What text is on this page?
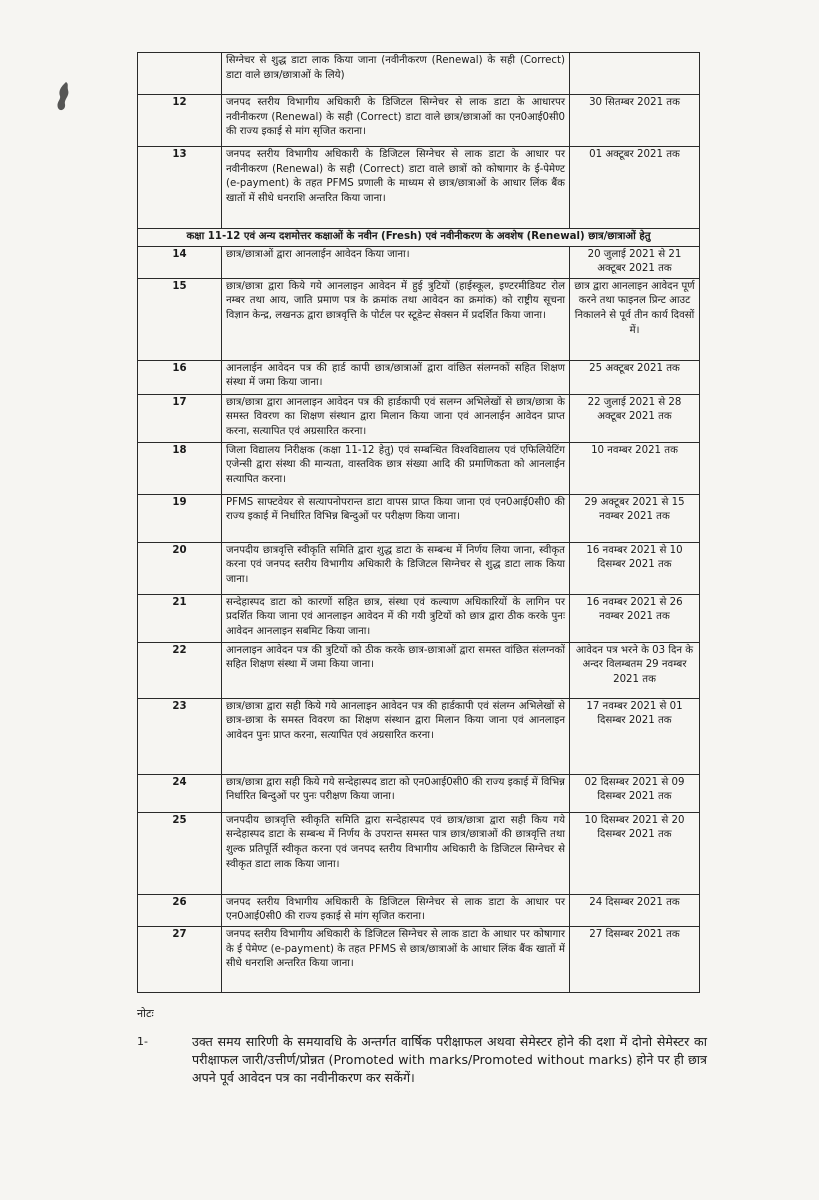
	सिग्नेचर से शुद्ध डाटा लाक किया जाना (नवीनीकरण (Renewal) के सही (Correct) डाटा वाले छात्र/छात्राओं के लिये)	
12	जनपद स्तरीय विभागीय अधिकारी के डिजिटल सिग्नेचर से लाक डाटा के आधारपर नवीनीकरण (Renewal) के सही (Correct) डाटा वाले छात्र/छात्राओं का एन0आई0सी0 की राज्य इकाई से मांग सृजित कराना।	30 सितम्बर 2021 तक
13	जनपद स्तरीय विभागीय अधिकारी के डिजिटल सिग्नेचर से लाक डाटा के आधार पर नवीनीकरण (Renewal) के सही (Correct) डाटा वाले छात्रों को कोषागार के ई-पेमेण्ट (e-payment) के तहत PFMS प्रणाली के माध्यम से छात्र/छात्राओं के आधार लिंक बैंक खातों में सीधे धनराशि अन्तरित किया जाना।	01 अक्टूबर 2021 तक
कक्षा 11-12 एवं अन्य दशमोत्तर कक्षाओं के नवीन (Fresh) एवं नवीनीकरण के अवशेष (Renewal) छात्र/छात्राओं हेतु		
14	छात्र/छात्राओं द्वारा आनलाईन आवेदन किया जाना।	20 जुलाई 2021 से 21 अक्टूबर 2021 तक
15	छात्र/छात्रा द्वारा किये गये आनलाइन आवेदन में हुई त्रुटियों (हाईस्कूल, इण्टरमीडियट रोल नम्बर तथा आय, जाति प्रमाण पत्र के क्रमांक तथा आवेदन का क्रमांक) को राष्ट्रीय सूचना विज्ञान केन्द्र, लखनऊ द्वारा छात्रवृत्ति के पोर्टल पर स्टूडेन्ट सेक्सन में प्रदर्शित किया जाना।	छात्र द्वारा आनलाइन आवेदन पूर्ण करने तथा फाइनल प्रिन्ट आउट निकालने से पूर्व तीन कार्य दिवसों में।
16	आनलाईन आवेदन पत्र की हार्ड कापी छात्र/छात्राओं द्वारा वांछित संलग्नकों सहित शिक्षण संस्था में जमा किया जाना।	25 अक्टूबर 2021 तक
17	छात्र/छात्रा द्वारा आनलाइन आवेदन पत्र की हार्डकापी एवं सलग्न अभिलेखों से छात्र/छात्रा के समस्त विवरण का शिक्षण संस्थान द्वारा मिलान किया जाना एवं आनलाईन आवेदन प्राप्त करना, सत्यापित एवं अग्रसारित करना।	22 जुलाई 2021 से 28 अक्टूबर 2021 तक
18	जिला विद्यालय निरीक्षक (कक्षा 11-12 हेतु) एवं सम्बन्धित विश्वविद्यालय एवं एफिलियेटिंग एजेन्सी द्वारा संस्था की मान्यता, वास्तविक छात्र संख्या आदि की प्रमाणिकता को आनलाईन सत्यापित करना।	10 नवम्बर 2021 तक
19	PFMS साफ्टवेयर से सत्यापनोपरान्त डाटा वापस प्राप्त किया जाना एवं एन0आई0सी0 की राज्य इकाई में निर्धारित विभिन्न बिन्दुओं पर परीक्षण किया जाना।	29 अक्टूबर 2021 से 15 नवम्बर 2021 तक
20	जनपदीय छात्रवृत्ति स्वीकृति समिति द्वारा शुद्ध डाटा के सम्बन्ध में निर्णय लिया जाना, स्वीकृत करना एवं जनपद स्तरीय विभागीय अधिकारी के डिजिटल सिग्नेचर से शुद्ध डाटा लाक किया जाना।	16 नवम्बर 2021 से 10 दिसम्बर 2021 तक
21	सन्देहास्पद डाटा को कारणों सहित छात्र, संस्था एवं कल्याण अधिकारियों के लागिन पर प्रदर्शित किया जाना एवं आनलाइन आवेदन में की गयी त्रुटियों को छात्र द्वारा ठीक करके पुनः आवेदन आनलाइन सबमिट किया जाना।	16 नवम्बर 2021 से 26 नवम्बर 2021 तक
22	आनलाइन आवेदन पत्र की त्रुटियों को ठीक करके छात्र-छात्राओं द्वारा समस्त वांछित संलग्नकों सहित शिक्षण संस्था में जमा किया जाना।	आवेदन पत्र भरने के 03 दिन के अन्दर विलम्बतम 29 नवम्बर 2021 तक
23	छात्र/छात्रा द्वारा सही किये गये आनलाइन आवेदन पत्र की हार्डकापी एवं संलग्न अभिलेखों से छात्र-छात्रा के समस्त विवरण का शिक्षण संस्थान द्वारा मिलान किया जाना एवं आनलाइन आवेदन पुनः प्राप्त करना, सत्यापित एवं अग्रसारित करना।	17 नवम्बर 2021 से 01 दिसम्बर 2021 तक
24	छात्र/छात्रा द्वारा सही किये गये सन्देहास्पद डाटा को एन0आई0सी0 की राज्य इकाई में विभिन्न निर्धारित बिन्दुओं पर पुनः परीक्षण किया जाना।	02 दिसम्बर 2021 से 09 दिसम्बर 2021 तक
25	जनपदीय छात्रवृत्ति स्वीकृति समिति द्वारा सन्देहास्पद एवं छात्र/छात्रा द्वारा सही किय गये सन्देहास्पद डाटा के सम्बन्ध में निर्णय के उपरान्त समस्त पात्र छात्र/छात्राओं की छात्रवृत्ति तथा शुल्क प्रतिपूर्ति स्वीकृत करना एवं जनपद स्तरीय विभागीय अधिकारी के डिजिटल सिग्नेचर से स्वीकृत डाटा लाक किया जाना।	10 दिसम्बर 2021 से 20 दिसम्बर 2021 तक
26	जनपद स्तरीय विभागीय अधिकारी के डिजिटल सिग्नेचर से लाक डाटा के आधार पर एन0आई0सी0 की राज्य इकाई से मांग सृजित कराना।	24 दिसम्बर 2021 तक
27	जनपद स्तरीय विभागीय अधिकारी के डिजिटल सिग्नेचर से लाक डाटा के आधार पर कोषागार के ई पेमेण्ट (e-payment) के तहत PFMS से छात्र/छात्राओं के आधार लिंक बैंक खातों में सीधे धनराशि अन्तरित किया जाना।	27 दिसम्बर 2021 तक
नोटः
1-	उक्त समय सारिणी के समयावधि के अन्तर्गत वार्षिक परीक्षाफल अथवा सेमेस्टर होने की दशा में दोनो सेमेस्टर का परीक्षाफल जारी/उत्तीर्ण/प्रोन्नत (Promoted with marks/Promoted without marks) होने पर ही छात्र अपने पूर्व आवेदन पत्र का नवीनीकरण कर सकेंगें।
